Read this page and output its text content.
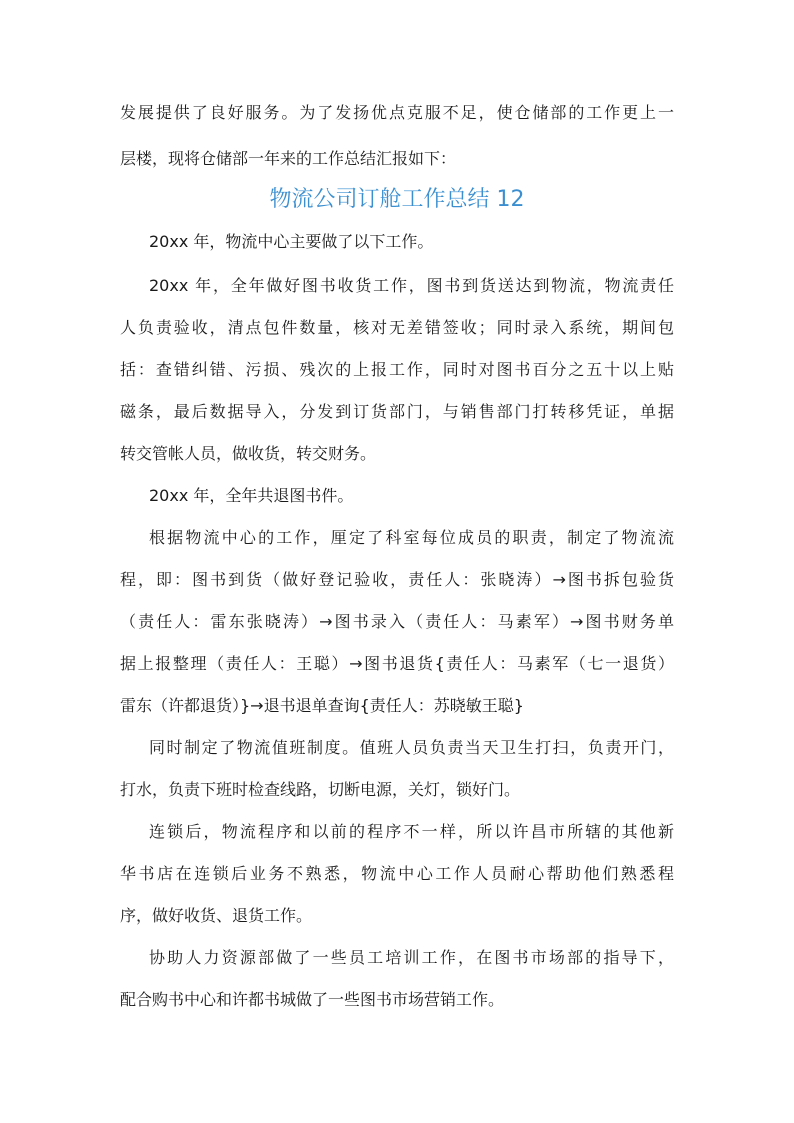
发展提供了良好服务。为了发扬优点克服不足，使仓储部的工作更上一
层楼，现将仓储部一年来的工作总结汇报如下：
物流公司订舱工作总结 12
20xx 年，物流中心主要做了以下工作。
20xx 年，全年做好图书收货工作，图书到货送达到物流，物流责任
人负责验收，清点包件数量，核对无差错签收；同时录入系统，期间包
括：查错纠错、污损、残次的上报工作，同时对图书百分之五十以上贴
磁条，最后数据导入，分发到订货部门，与销售部门打转移凭证，单据
转交管帐人员，做收货，转交财务。
20xx 年，全年共退图书件。
根据物流中心的工作，厘定了科室每位成员的职责，制定了物流流
程，即：图书到货（做好登记验收，责任人：张晓涛）→图书拆包验货
（责任人：雷东张晓涛）→图书录入（责任人：马素军）→图书财务单
据上报整理（责任人：王聪）→图书退货{责任人：马素军（七一退货）
雷东（许都退货）}→退书退单查询{责任人：苏晓敏王聪}
同时制定了物流值班制度。值班人员负责当天卫生打扫，负责开门，
打水，负责下班时检查线路，切断电源，关灯，锁好门。
连锁后，物流程序和以前的程序不一样，所以许昌市所辖的其他新
华书店在连锁后业务不熟悉，物流中心工作人员耐心帮助他们熟悉程
序，做好收货、退货工作。
协助人力资源部做了一些员工培训工作，在图书市场部的指导下，
配合购书中心和许都书城做了一些图书市场营销工作。
